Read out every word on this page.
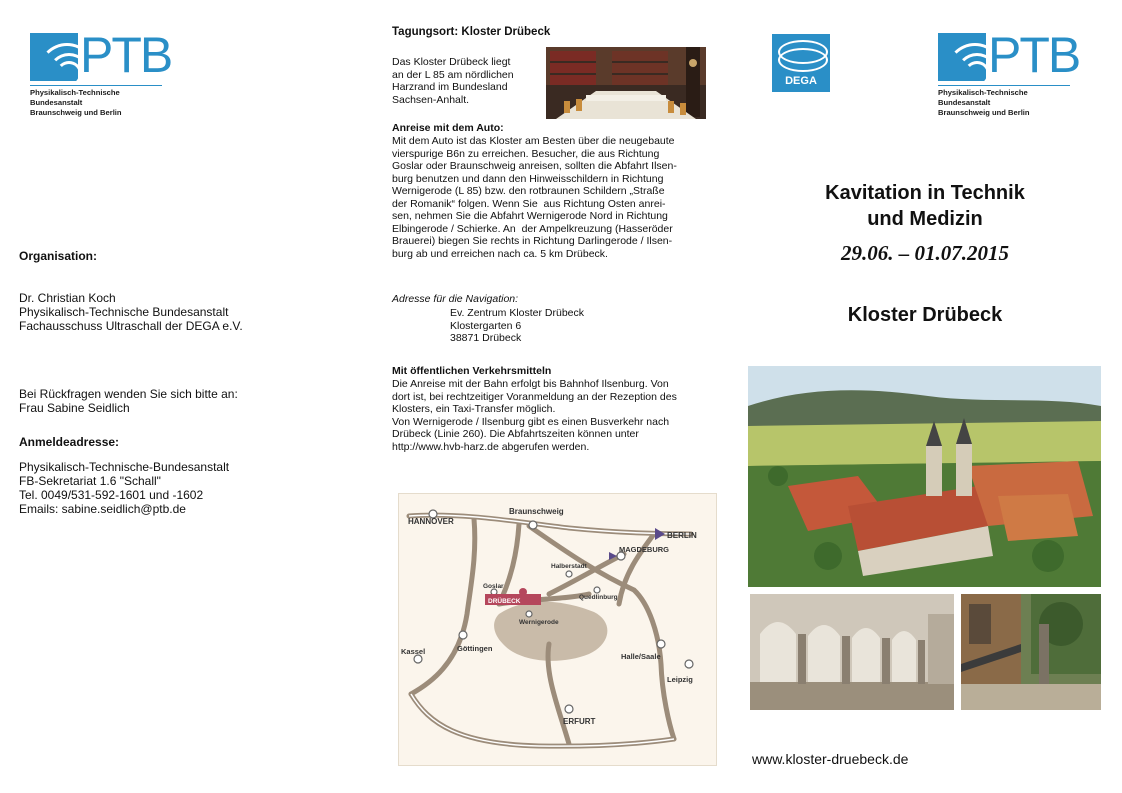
PTB
Physikalisch-Technische Bundesanstalt
Braunschweig und Berlin
Organisation:
Dr. Christian Koch
Physikalisch-Technische Bundesanstalt
Fachausschuss Ultraschall der DEGA e.V.
Bei Rückfragen wenden Sie sich bitte an:
Frau Sabine Seidlich
Anmeldeadresse:
Physikalisch-Technische-Bundesanstalt
FB-Sekretariat 1.6 "Schall"
Tel. 0049/531-592-1601 und -1602
Emails: sabine.seidlich@ptb.de
Tagungsort: Kloster Drübeck
Das Kloster Drübeck liegt
an der L 85 am nördlichen
Harzrand im Bundesland
Sachsen-Anhalt.
Anreise mit dem Auto:
Mit dem Auto ist das Kloster am Besten über die neugebaute
vierspurige B6n zu erreichen. Besucher, die aus Richtung
Goslar oder Braunschweig anreisen, sollten die Abfahrt Ilsen-
burg benutzen und dann den Hinweisschildern in Richtung
Wernigerode (L 85) bzw. den rotbraunen Schildern „Straße
der Romanik“ folgen. Wenn Sie  aus Richtung Osten anrei-
sen, nehmen Sie die Abfahrt Wernigerode Nord in Richtung
Elbingerode / Schierke. An  der Ampelkreuzung (Hasseröder
Brauerei) biegen Sie rechts in Richtung Darlingerode / Ilsen-
burg ab und erreichen nach ca. 5 km Drübeck.
Adresse für die Navigation:
Ev. Zentrum Kloster Drübeck
Klostergarten 6
38871 Drübeck
Mit öffentlichen Verkehrsmitteln
Die Anreise mit der Bahn erfolgt bis Bahnhof Ilsenburg. Von
dort ist, bei rechtzeitiger Voranmeldung an der Rezeption des
Klosters, ein Taxi-Transfer möglich.
Von Wernigerode / Ilsenburg gibt es einen Busverkehr nach
Drübeck (Linie 260). Die Abfahrtszeiten können unter
http://www.hvb-harz.de abgerufen werden.
HANNOVER
Braunschweig
BERLIN
MAGDEBURG
Halberstadt
Goslar
DRÜBECK
Wernigerode
Quedlinburg
Kassel	Göttingen
Halle/Saale
Leipzig
ERFURT
DEGA	PTB
Physikalisch-Technische Bundesanstalt
Braunschweig und Berlin
Kavitation in Technik
und Medizin
29.06. – 01.07.2015
Kloster Drübeck
www.kloster-druebeck.de
